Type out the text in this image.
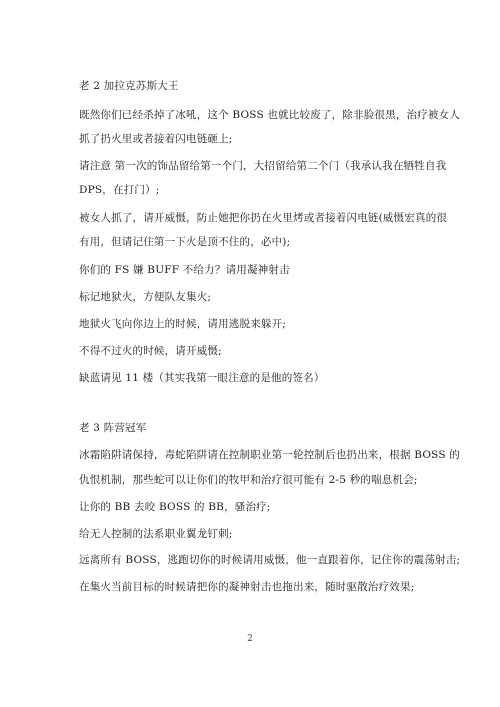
老 2 加拉克苏斯大王
既然你们已经杀掉了冰吼，这个 BOSS 也就比较废了，除非脸很黑，治疗被女人
抓了扔火里或者接着闪电链砸上;
请注意 第一次的饰品留给第一个门，大招留给第二个门（我承认我在牺牲自我
DPS，在打门）;
被女人抓了，请开威慑，防止她把你扔在火里烤或者接着闪电链(威慑宏真的很
有用，但请记住第一下火是顶不住的，必中);
你们的 FS 嫌 BUFF 不给力？请用凝神射击
标记地狱火，方便队友集火;
地狱火飞向你边上的时候，请用逃脱来躲开;
不得不过火的时候，请开威慑;
缺蓝请见 11 楼（其实我第一眼注意的是他的签名）
老 3 阵营冠军
冰霜陷阱请保持，毒蛇陷阱请在控制职业第一轮控制后也扔出来，根据 BOSS 的
仇恨机制，那些蛇可以让你们的牧甲和治疗很可能有 2-5 秒的喘息机会;
让你的 BB 去咬 BOSS 的 BB，骚治疗;
给无人控制的法系职业翼龙钉刺;
远离所有 BOSS，逃跑切你的时候请用威慑，他一直跟着你，记住你的震荡射击;
在集火当前目标的时候请把你的凝神射击也拖出来，随时驱散治疗效果;
2
